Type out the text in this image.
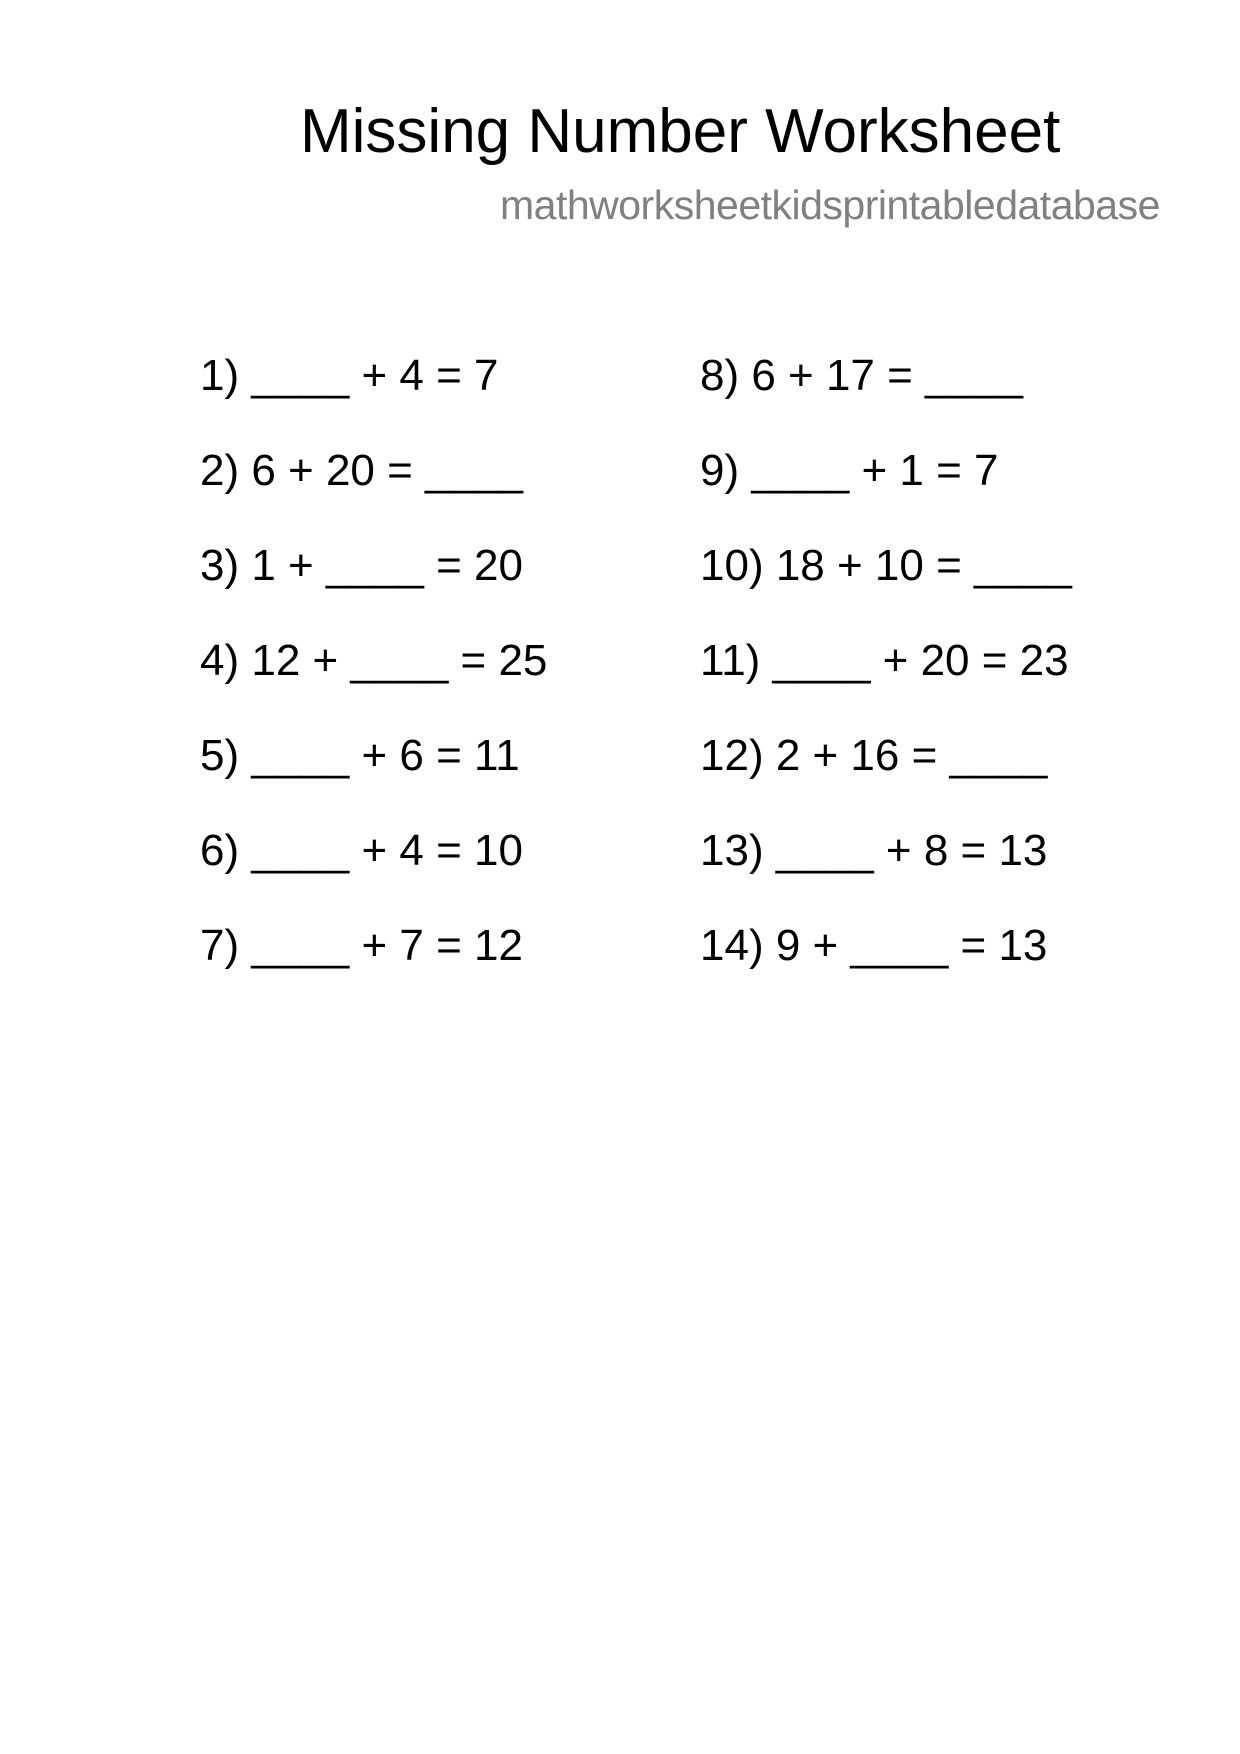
Missing Number Worksheet
mathworksheetkidsprintabledatabase
1) ____ + 4 = 7
2) 6 + 20 = ____
3) 1 + ____ = 20
4) 12 + ____ = 25
5) ____ + 6 = 11
6) ____ + 4 = 10
7) ____ + 7 = 12
8) 6 + 17 = ____
9) ____ + 1 = 7
10) 18 + 10 = ____
11) ____ + 20 = 23
12) 2 + 16 = ____
13) ____ + 8 = 13
14) 9 + ____ = 13
